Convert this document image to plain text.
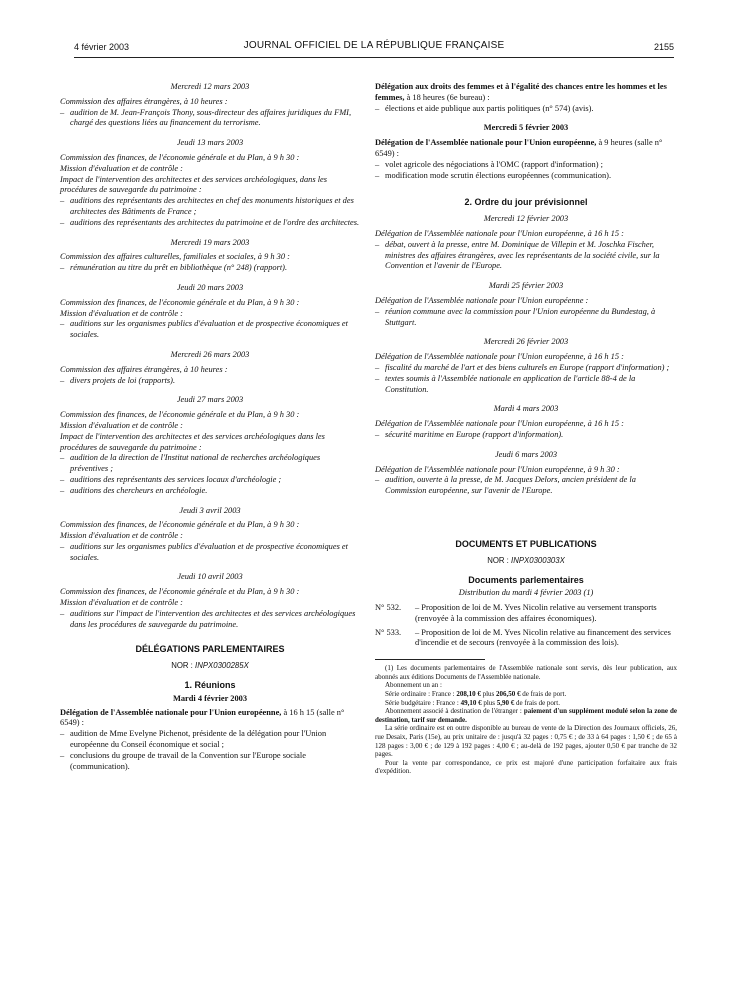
4 février 2003	JOURNAL OFFICIEL DE LA RÉPUBLIQUE FRANÇAISE	2155

Mercredi 12 mars 2003

Commission des affaires étrangères, à 10 heures :

– audition de M. Jean-François Thony, sous-directeur des affaires juridiques du FMI, chargé des questions liées au financement du terrorisme.

Jeudi 13 mars 2003

Commission des finances, de l'économie générale et du Plan, à 9 h 30 :

Mission d'évaluation et de contrôle :

Impact de l'intervention des architectes et des services archéologiques, dans les procédures de sauvegarde du patrimoine :

– auditions des représentants des architectes en chef des monuments historiques et des architectes des Bâtiments de France ;
– auditions des représentants des architectes du patrimoine et de l'ordre des architectes.

Mercredi 19 mars 2003

Commission des affaires culturelles, familiales et sociales, à 9 h 30 :

– rémunération au titre du prêt en bibliothèque (n° 248) (rapport).

Jeudi 20 mars 2003

Commission des finances, de l'économie générale et du Plan, à 9 h 30 :

Mission d'évaluation et de contrôle :

– auditions sur les organismes publics d'évaluation et de prospective économiques et sociales.

Mercredi 26 mars 2003

Commission des affaires étrangères, à 10 heures :

– divers projets de loi (rapports).

Jeudi 27 mars 2003

Commission des finances, de l'économie générale et du Plan, à 9 h 30 :

Mission d'évaluation et de contrôle :

Impact de l'intervention des architectes et des services archéologiques dans les procédures de sauvegarde du patrimoine :

– audition de la direction de l'Institut national de recherches archéologiques préventives ;
– auditions des représentants des services locaux d'archéologie ;
– auditions des chercheurs en archéologie.

Jeudi 3 avril 2003

Commission des finances, de l'économie générale et du Plan, à 9 h 30 :

Mission d'évaluation et de contrôle :

– auditions sur les organismes publics d'évaluation et de prospective économiques et sociales.

Jeudi 10 avril 2003

Commission des finances, de l'économie générale et du Plan, à 9 h 30 :

Mission d'évaluation et de contrôle :

– auditions sur l'impact de l'intervention des architectes et des services archéologiques dans les procédures de sauvegarde du patrimoine.

DÉLÉGATIONS PARLEMENTAIRES

NOR : INPX0300285X

1. Réunions

Mardi 4 février 2003

Délégation de l'Assemblée nationale pour l'Union européenne, à 16 h 15 (salle n° 6549) :

– audition de Mme Evelyne Pichenot, présidente de la délégation pour l'Union européenne du Conseil économique et social ;
– conclusions du groupe de travail de la Convention sur l'Europe sociale (communication).

Délégation aux droits des femmes et à l'égalité des chances entre les hommes et les femmes, à 18 heures (6e bureau) :

– élections et aide publique aux partis politiques (n° 574) (avis).

Mercredi 5 février 2003

Délégation de l'Assemblée nationale pour l'Union européenne, à 9 heures (salle n° 6549) :

– volet agricole des négociations à l'OMC (rapport d'information) ;
– modification mode scrutin élections européennes (communication).

2. Ordre du jour prévisionnel

Mercredi 12 février 2003

Délégation de l'Assemblée nationale pour l'Union européenne, à 16 h 15 :

– débat, ouvert à la presse, entre M. Dominique de Villepin et M. Joschka Fischer, ministres des affaires étrangères, avec les représentants de la société civile, sur la Convention et l'avenir de l'Europe.

Mardi 25 février 2003

Délégation de l'Assemblée nationale pour l'Union européenne :

– réunion commune avec la commission pour l'Union européenne du Bundestag, à Stuttgart.

Mercredi 26 février 2003

Délégation de l'Assemblée nationale pour l'Union européenne, à 16 h 15 :

– fiscalité du marché de l'art et des biens culturels en Europe (rapport d'information) ;
– textes soumis à l'Assemblée nationale en application de l'article 88-4 de la Constitution.

Mardi 4 mars 2003

Délégation de l'Assemblée nationale pour l'Union européenne, à 16 h 15 :

– sécurité maritime en Europe (rapport d'information).

Jeudi 6 mars 2003

Délégation de l'Assemblée nationale pour l'Union européenne, à 9 h 30 :

– audition, ouverte à la presse, de M. Jacques Delors, ancien président de la Commission européenne, sur l'avenir de l'Europe.

DOCUMENTS ET PUBLICATIONS

NOR : INPX0300303X

Documents parlementaires

Distribution du mardi 4 février 2003 (1)

N° 532.	– Proposition de loi de M. Yves Nicolin relative au versement transports (renvoyée à la commission des affaires économiques).
N° 533.	– Proposition de loi de M. Yves Nicolin relative au financement des services d'incendie et de secours (renvoyée à la commission des lois).

(1) Les documents parlementaires de l'Assemblée nationale sont servis, dès leur publication, aux abonnés aux éditions Documents de l'Assemblée nationale.

Abonnement un an :

Série ordinaire : France : 208,10 € plus 206,50 € de frais de port.

Série budgétaire : France : 49,10 € plus 5,90 € de frais de port.

Abonnement associé à destination de l'étranger : paiement d'un supplément modulé selon la zone de destination, tarif sur demande.

La série ordinaire est en outre disponible au bureau de vente de la Direction des Journaux officiels, 26, rue Desaix, Paris (15e), au prix unitaire de : jusqu'à 32 pages : 0,75 € ; de 33 à 64 pages : 1,50 € ; de 65 à 128 pages : 3,00 € ; de 129 à 192 pages : 4,00 € ; au-delà de 192 pages, ajouter 0,50 € par tranche de 32 pages.

Pour la vente par correspondance, ce prix est majoré d'une participation forfaitaire aux frais d'expédition.
